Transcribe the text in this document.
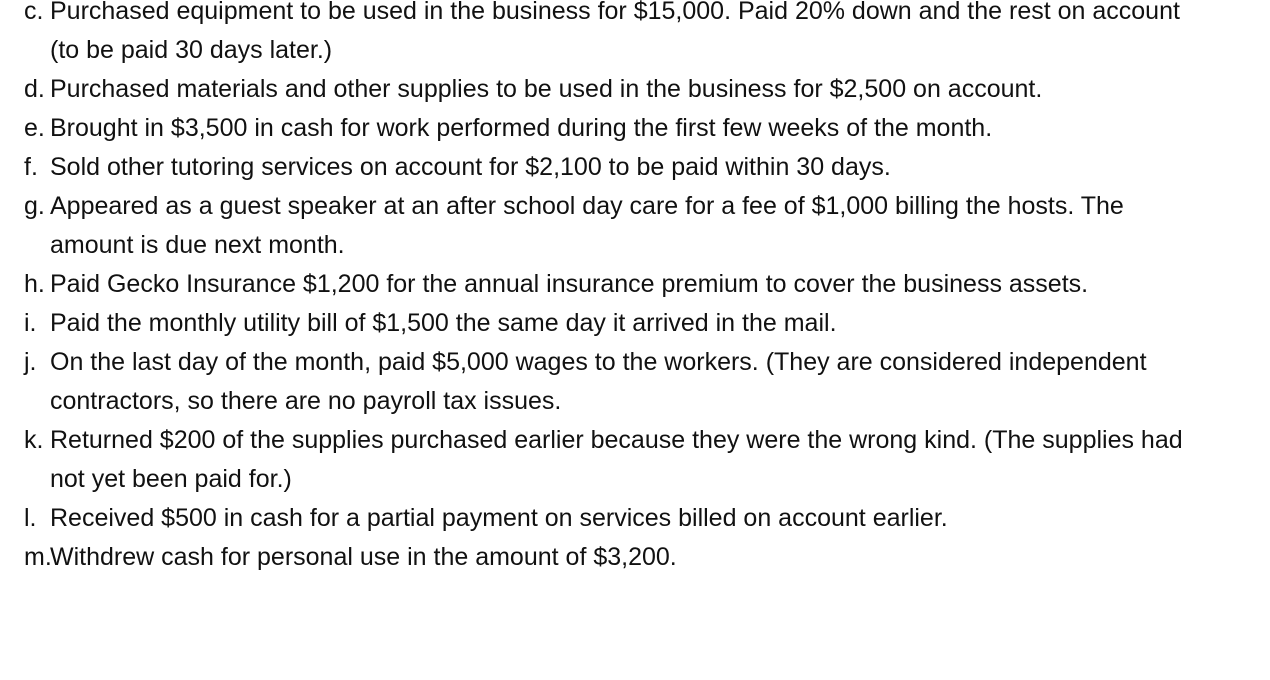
c. Purchased equipment to be used in the business for $15,000. Paid 20% down and the rest on account (to be paid 30 days later.)
d. Purchased materials and other supplies to be used in the business for $2,500 on account.
e. Brought in $3,500 in cash for work performed during the first few weeks of the month.
f. Sold other tutoring services on account for $2,100 to be paid within 30 days.
g. Appeared as a guest speaker at an after school day care for a fee of $1,000 billing the hosts. The amount is due next month.
h. Paid Gecko Insurance $1,200 for the annual insurance premium to cover the business assets.
i. Paid the monthly utility bill of $1,500 the same day it arrived in the mail.
j. On the last day of the month, paid $5,000 wages to the workers. (They are considered independent contractors, so there are no payroll tax issues.
k. Returned $200 of the supplies purchased earlier because they were the wrong kind. (The supplies had not yet been paid for.)
l. Received $500 in cash for a partial payment on services billed on account earlier.
m.
Withdrew cash for personal use in the amount of $3,200.
